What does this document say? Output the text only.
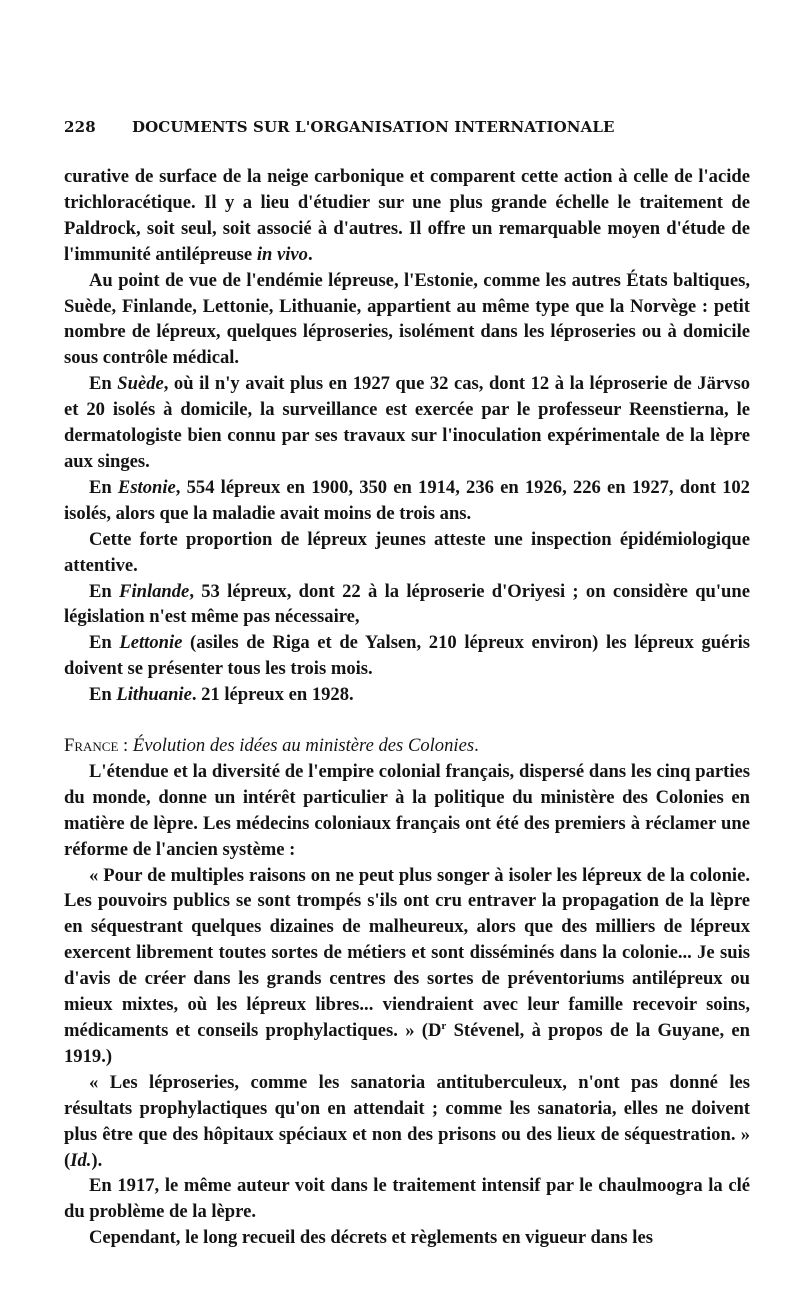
228 DOCUMENTS SUR L'ORGANISATION INTERNATIONALE

curative de surface de la neige carbonique et comparent cette action à celle de l'acide trichloracétique. Il y a lieu d'étudier sur une plus grande échelle le traitement de Paldrock, soit seul, soit associé à d'autres. Il offre un remarquable moyen d'étude de l'immunité antilépreuse in vivo.

Au point de vue de l'endémie lépreuse, l'Estonie, comme les autres États baltiques, Suède, Finlande, Lettonie, Lithuanie, appartient au même type que la Norvège : petit nombre de lépreux, quelques léproseries, isolément dans les léproseries ou à domicile sous contrôle médical.

En Suède, où il n'y avait plus en 1927 que 32 cas, dont 12 à la léproserie de Järvso et 20 isolés à domicile, la surveillance est exercée par le professeur Reenstierna, le dermatologiste bien connu par ses travaux sur l'inoculation expérimentale de la lèpre aux singes.

En Estonie, 554 lépreux en 1900, 350 en 1914, 236 en 1926, 226 en 1927, dont 102 isolés, alors que la maladie avait moins de trois ans.

Cette forte proportion de lépreux jeunes atteste une inspection épidémiologique attentive.

En Finlande, 53 lépreux, dont 22 à la léproserie d'Oriyesi ; on considère qu'une législation n'est même pas nécessaire,

En Lettonie (asiles de Riga et de Yalsen, 210 lépreux environ) les lépreux guéris doivent se présenter tous les trois mois.

En Lithuanie. 21 lépreux en 1928.

France : Évolution des idées au ministère des Colonies.

L'étendue et la diversité de l'empire colonial français, dispersé dans les cinq parties du monde, donne un intérêt particulier à la politique du ministère des Colonies en matière de lèpre. Les médecins coloniaux français ont été des premiers à réclamer une réforme de l'ancien système :

« Pour de multiples raisons on ne peut plus songer à isoler les lépreux de la colonie. Les pouvoirs publics se sont trompés s'ils ont cru entraver la propagation de la lèpre en séquestrant quelques dizaines de malheureux, alors que des milliers de lépreux exercent librement toutes sortes de métiers et sont disséminés dans la colonie... Je suis d'avis de créer dans les grands centres des sortes de préventoriums antilépreux ou mieux mixtes, où les lépreux libres... viendraient avec leur famille recevoir soins, médicaments et conseils prophylactiques. » ($D^r$ Stévenel, à propos de la Guyane, en 1919.)

« Les léproseries, comme les sanatoria antituberculeux, n'ont pas donné les résultats prophylactiques qu'on en attendait ; comme les sanatoria, elles ne doivent plus être que des hôpitaux spéciaux et non des prisons ou des lieux de séquestration. » (Id.).

En 1917, le même auteur voit dans le traitement intensif par le chaulmoogra la clé du problème de la lèpre.

Cependant, le long recueil des décrets et règlements en vigueur dans les
